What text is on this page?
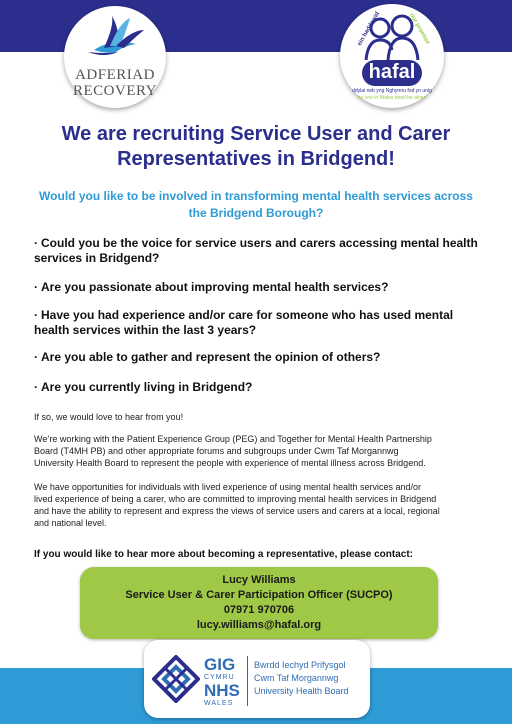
ADFERIAD
RECOVERY
ein haddewid	our promise
hafal
ddylai neb yng Nghymru fod yn unig
no one in Wales need be alone
We are recruiting Service User and Carer
Representatives in Bridgend!
Would you like to be involved in transforming mental health services across
the Bridgend Borough?
· Could you be the voice for service users and carers accessing mental health
services in Bridgend?
· Are you passionate about improving mental health services?
· Have you had experience and/or care for someone who has used mental
health services within the last 3 years?
· Are you able to gather and represent the opinion of others?
· Are you currently living in Bridgend?
If so, we would love to hear from you!
We’re working with the Patient Experience Group (PEG) and Together for Mental Health Partnership
Board (T4MH PB) and other appropriate forums and subgroups under Cwm Taf Morgannwg
University Health Board to represent the people with experience of mental illness across Bridgend.
We have opportunities for individuals with lived experience of using mental health services and/or
lived experience of being a carer, who are committed to improving mental health services in Bridgend
and have the ability to represent and express the views of service users and carers at a local, regional
and national level.
If you would like to hear more about becoming a representative, please contact:
Lucy Williams
Service User & Carer Participation Officer (SUCPO)
07971 970706
lucy.williams@hafal.org
GIG
CYMRU
NHS
WALES
Bwrdd Iechyd Prifysgol
Cwm Taf Morgannwg
University Health Board
